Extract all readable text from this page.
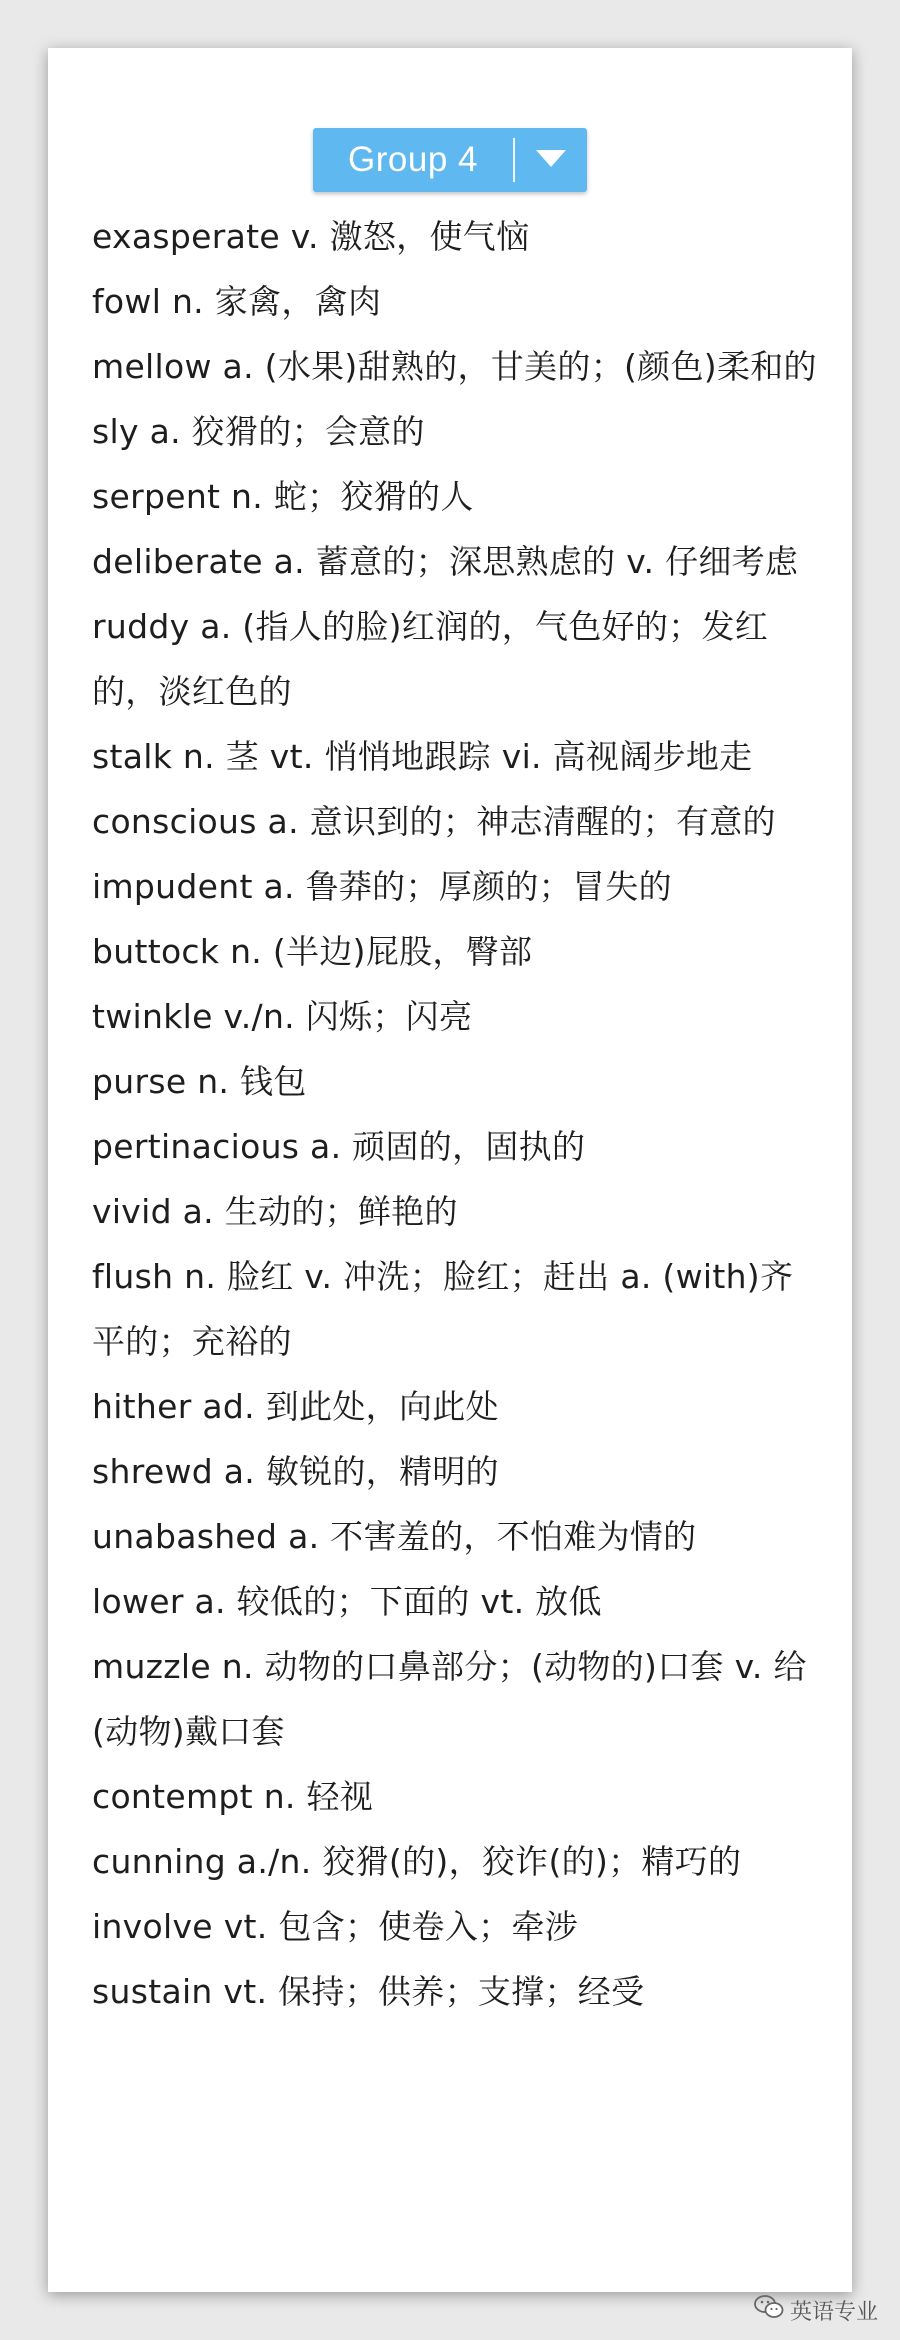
Group 4
exasperate v. 激怒，使气恼
fowl n. 家禽，禽肉
mellow a. (水果)甜熟的，甘美的；(颜色)柔和的
sly a. 狡猾的；会意的
serpent n. 蛇；狡猾的人
deliberate a. 蓄意的；深思熟虑的 v. 仔细考虑
ruddy a. (指人的脸)红润的，气色好的；发红的，淡红色的
stalk n. 茎 vt. 悄悄地跟踪 vi. 高视阔步地走
conscious a. 意识到的；神志清醒的；有意的
impudent a. 鲁莽的；厚颜的；冒失的
buttock n. (半边)屁股，臀部
twinkle v./n. 闪烁；闪亮
purse n. 钱包
pertinacious a. 顽固的，固执的
vivid a. 生动的；鲜艳的
flush n. 脸红 v. 冲洗；脸红；赶出 a. (with)齐平的；充裕的
hither ad. 到此处，向此处
shrewd a. 敏锐的，精明的
unabashed a. 不害羞的，不怕难为情的
lower a. 较低的；下面的 vt. 放低
muzzle n. 动物的口鼻部分；(动物的)口套 v. 给(动物)戴口套
contempt n. 轻视
cunning a./n. 狡猾(的)，狡诈(的)；精巧的
involve vt. 包含；使卷入；牵涉
sustain vt. 保持；供养；支撑；经受
英语专业
